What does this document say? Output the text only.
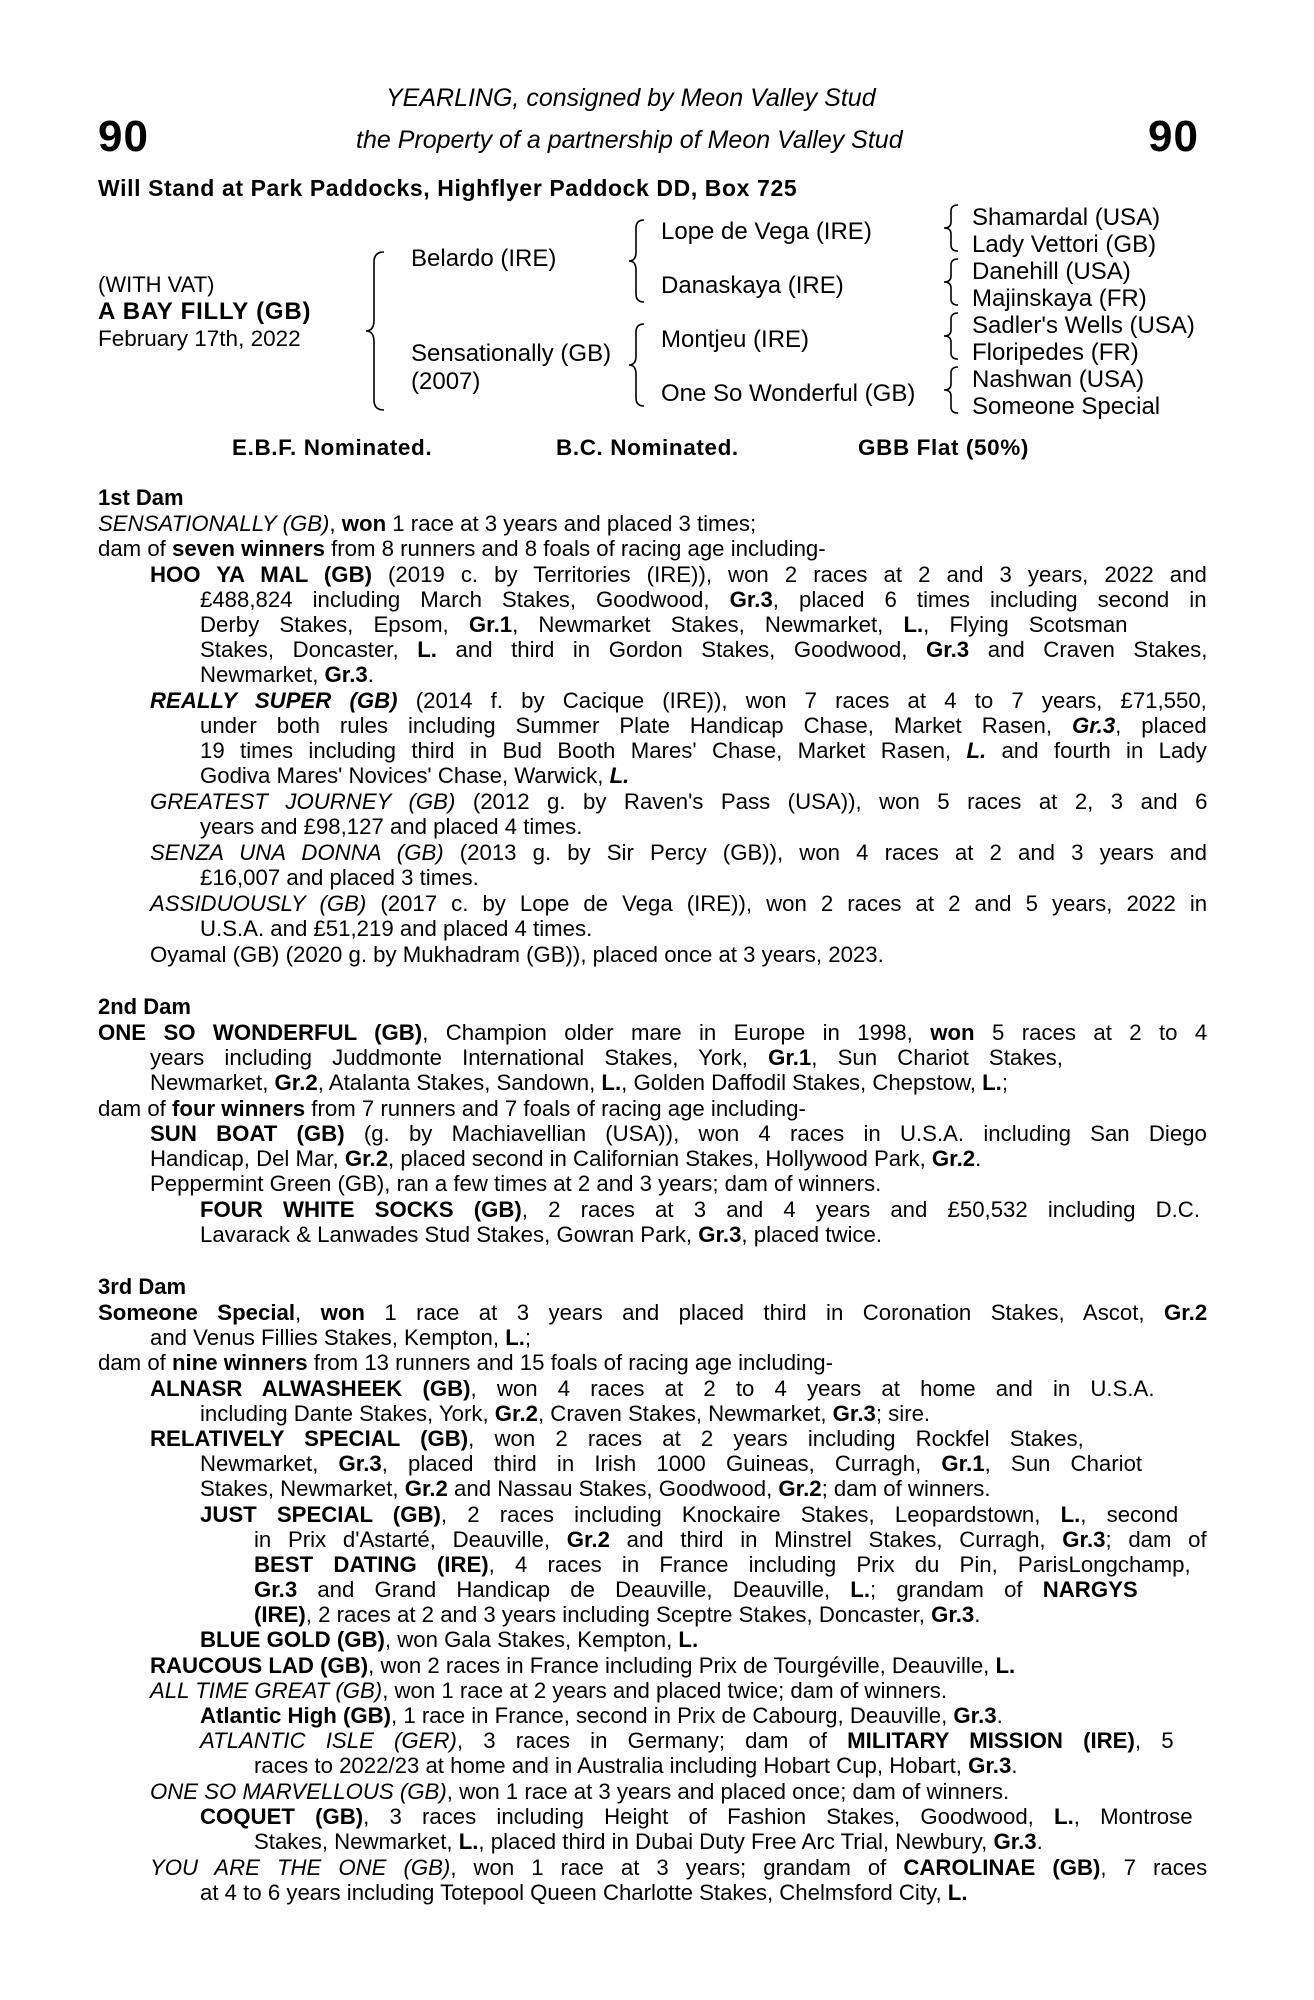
90	90
YEARLING, consigned by Meon Valley Stud
the Property of a partnership of Meon Valley Stud
Will Stand at Park Paddocks, Highflyer Paddock DD, Box 725
(WITH VAT)
A BAY FILLY (GB)
February 17th, 2022
Belardo (IRE)
Sensationally (GB)
(2007)
Lope de Vega (IRE)
Danaskaya (IRE)
Montjeu (IRE)
One So Wonderful (GB)
Shamardal (USA)
Lady Vettori (GB)
Danehill (USA)
Majinskaya (FR)
Sadler's Wells (USA)
Floripedes (FR)
Nashwan (USA)
Someone Special
E.B.F. Nominated.	B.C. Nominated.	GBB Flat (50%)
1st Dam
2nd Dam
3rd Dam
SENSATIONALLY (GB), won 1 race at 3 years and placed 3 times;
dam of seven winners from 8 runners and 8 foals of racing age including-
HOO YA MAL (GB) (2019 c. by Territories (IRE)), won 2 races at 2 and 3 years, 2022 and
£488,824 including March Stakes, Goodwood, Gr.3, placed 6 times including second in
Derby Stakes, Epsom, Gr.1, Newmarket Stakes, Newmarket, L., Flying Scotsman
Stakes, Doncaster, L. and third in Gordon Stakes, Goodwood, Gr.3 and Craven Stakes,
Newmarket, Gr.3.
REALLY SUPER (GB) (2014 f. by Cacique (IRE)), won 7 races at 4 to 7 years, £71,550,
under both rules including Summer Plate Handicap Chase, Market Rasen, Gr.3, placed
19 times including third in Bud Booth Mares' Chase, Market Rasen, L. and fourth in Lady
Godiva Mares' Novices' Chase, Warwick, L.
GREATEST JOURNEY (GB) (2012 g. by Raven's Pass (USA)), won 5 races at 2, 3 and 6
years and £98,127 and placed 4 times.
SENZA UNA DONNA (GB) (2013 g. by Sir Percy (GB)), won 4 races at 2 and 3 years and
£16,007 and placed 3 times.
ASSIDUOUSLY (GB) (2017 c. by Lope de Vega (IRE)), won 2 races at 2 and 5 years, 2022 in
U.S.A. and £51,219 and placed 4 times.
Oyamal (GB) (2020 g. by Mukhadram (GB)), placed once at 3 years, 2023.
ONE SO WONDERFUL (GB), Champion older mare in Europe in 1998, won 5 races at 2 to 4
years including Juddmonte International Stakes, York, Gr.1, Sun Chariot Stakes,
Newmarket, Gr.2, Atalanta Stakes, Sandown, L., Golden Daffodil Stakes, Chepstow, L.;
dam of four winners from 7 runners and 7 foals of racing age including-
SUN BOAT (GB) (g. by Machiavellian (USA)), won 4 races in U.S.A. including San Diego
Handicap, Del Mar, Gr.2, placed second in Californian Stakes, Hollywood Park, Gr.2.
Peppermint Green (GB), ran a few times at 2 and 3 years; dam of winners.
FOUR WHITE SOCKS (GB), 2 races at 3 and 4 years and £50,532 including D.C.
Lavarack & Lanwades Stud Stakes, Gowran Park, Gr.3, placed twice.
Someone Special, won 1 race at 3 years and placed third in Coronation Stakes, Ascot, Gr.2
and Venus Fillies Stakes, Kempton, L.;
dam of nine winners from 13 runners and 15 foals of racing age including-
ALNASR ALWASHEEK (GB), won 4 races at 2 to 4 years at home and in U.S.A.
including Dante Stakes, York, Gr.2, Craven Stakes, Newmarket, Gr.3; sire.
RELATIVELY SPECIAL (GB), won 2 races at 2 years including Rockfel Stakes,
Newmarket, Gr.3, placed third in Irish 1000 Guineas, Curragh, Gr.1, Sun Chariot
Stakes, Newmarket, Gr.2 and Nassau Stakes, Goodwood, Gr.2; dam of winners.
JUST SPECIAL (GB), 2 races including Knockaire Stakes, Leopardstown, L., second
in Prix d'Astarté, Deauville, Gr.2 and third in Minstrel Stakes, Curragh, Gr.3; dam of
BEST DATING (IRE), 4 races in France including Prix du Pin, ParisLongchamp,
Gr.3 and Grand Handicap de Deauville, Deauville, L.; grandam of NARGYS
(IRE), 2 races at 2 and 3 years including Sceptre Stakes, Doncaster, Gr.3.
BLUE GOLD (GB), won Gala Stakes, Kempton, L.
RAUCOUS LAD (GB), won 2 races in France including Prix de Tourgéville, Deauville, L.
ALL TIME GREAT (GB), won 1 race at 2 years and placed twice; dam of winners.
Atlantic High (GB), 1 race in France, second in Prix de Cabourg, Deauville, Gr.3.
ATLANTIC ISLE (GER), 3 races in Germany; dam of MILITARY MISSION (IRE), 5
races to 2022/23 at home and in Australia including Hobart Cup, Hobart, Gr.3.
ONE SO MARVELLOUS (GB), won 1 race at 3 years and placed once; dam of winners.
COQUET (GB), 3 races including Height of Fashion Stakes, Goodwood, L., Montrose
Stakes, Newmarket, L., placed third in Dubai Duty Free Arc Trial, Newbury, Gr.3.
YOU ARE THE ONE (GB), won 1 race at 3 years; grandam of CAROLINAE (GB), 7 races
at 4 to 6 years including Totepool Queen Charlotte Stakes, Chelmsford City, L.
